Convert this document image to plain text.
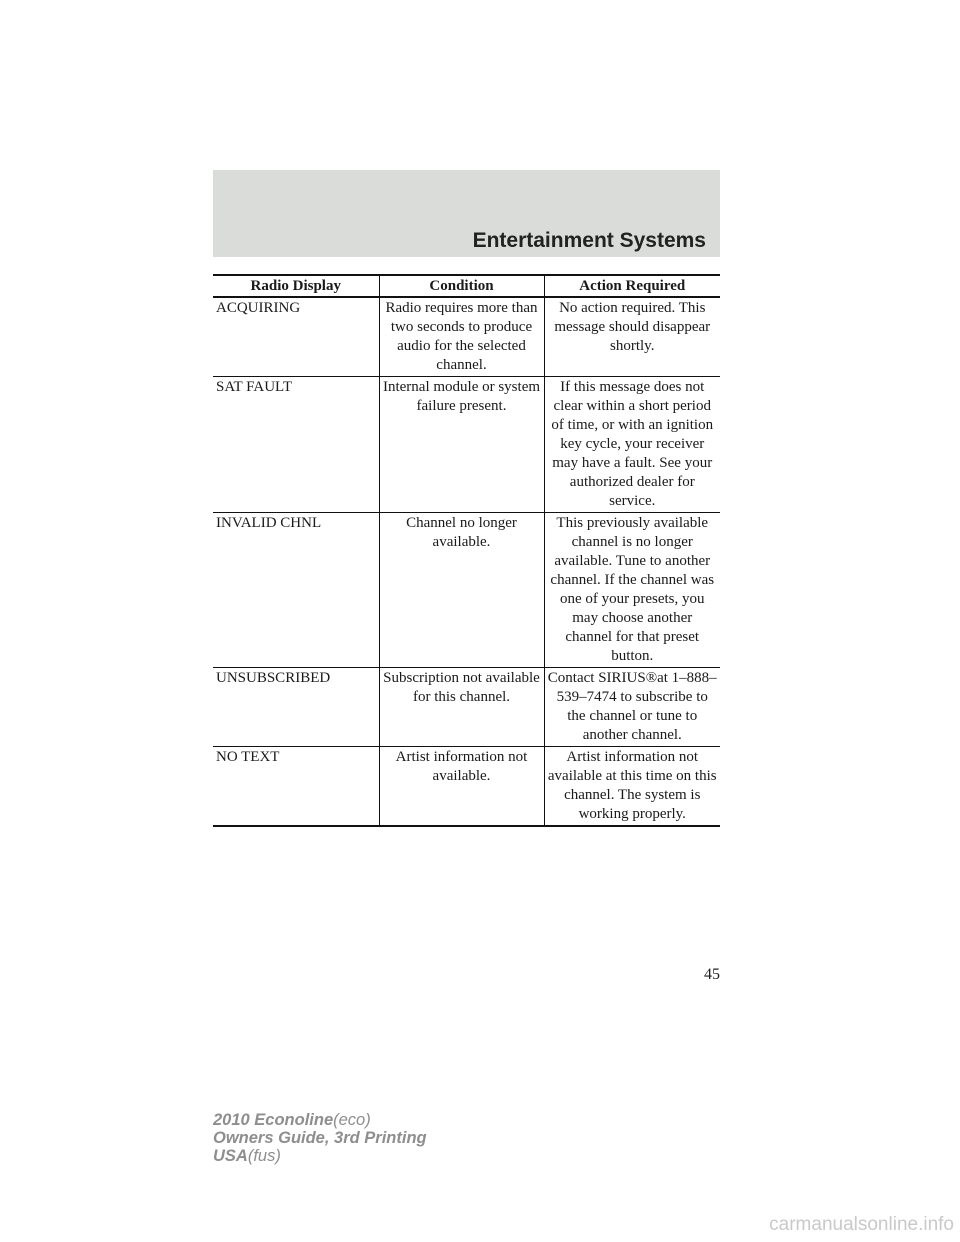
Entertainment Systems
Radio Display	Condition	Action Required
ACQUIRING	Radio requires more than two seconds to produce audio for the selected channel.	No action required. This message should disappear shortly.
SAT FAULT	Internal module or system failure present.	If this message does not clear within a short period of time, or with an ignition key cycle, your receiver may have a fault. See your authorized dealer for service.
INVALID CHNL	Channel no longer available.	This previously available channel is no longer available. Tune to another channel. If the channel was one of your presets, you may choose another channel for that preset button.
UNSUBSCRIBED	Subscription not available for this channel.	Contact SIRIUS®at 1–888–539–7474 to subscribe to the channel or tune to another channel.
NO TEXT	Artist information not available.	Artist information not available at this time on this channel. The system is working properly.
45
2010 Econoline(eco)
Owners Guide, 3rd Printing
USA(fus)
carmanualsonline.info
